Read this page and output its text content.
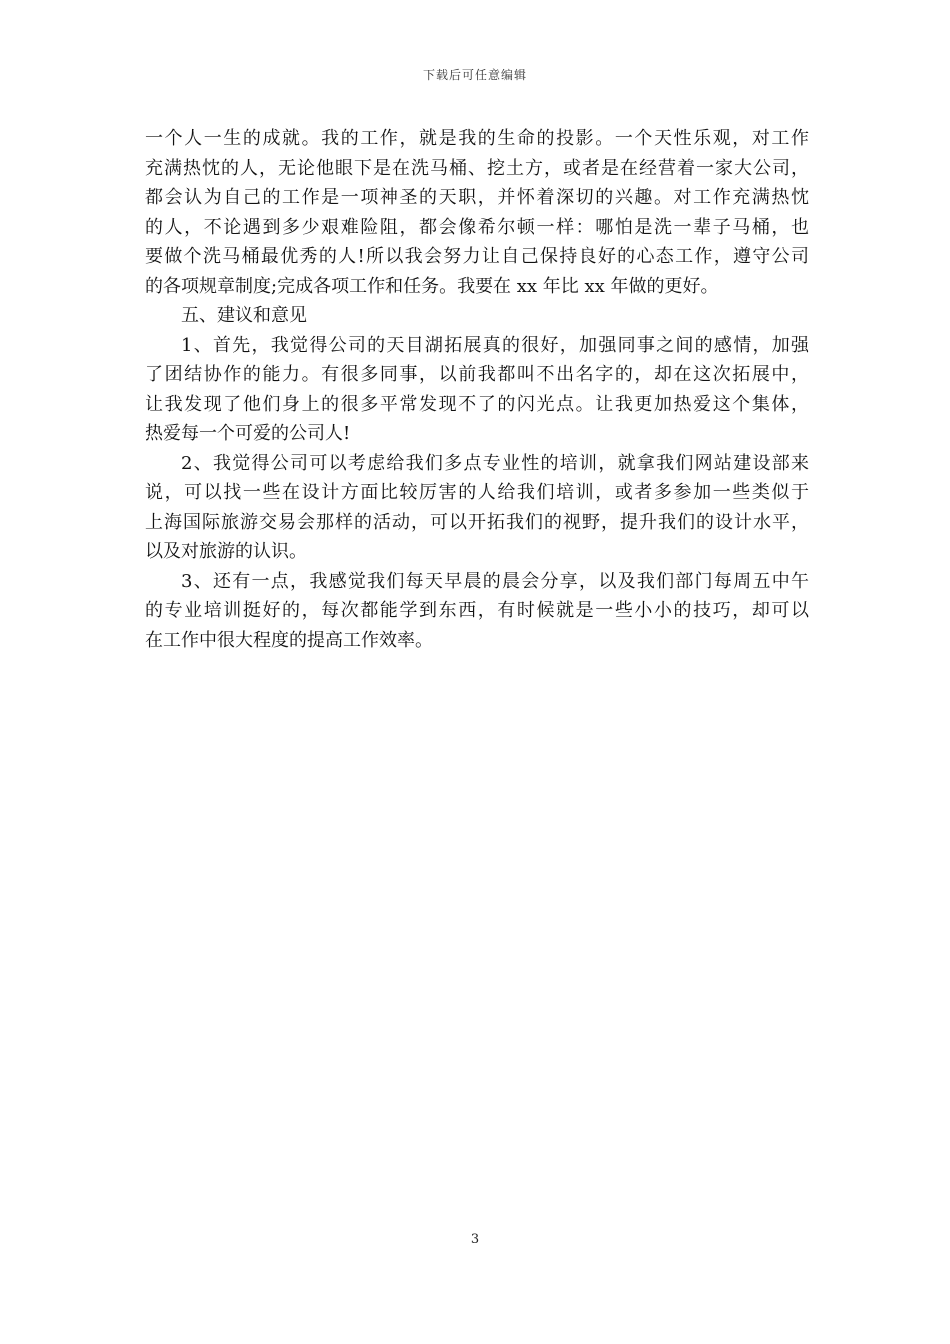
下载后可任意编辑
一个人一生的成就。我的工作，就是我的生命的投影。一个天性乐观，对工作
充满热忱的人，无论他眼下是在洗马桶、挖土方，或者是在经营着一家大公司，
都会认为自己的工作是一项神圣的天职，并怀着深切的兴趣。对工作充满热忱
的人，不论遇到多少艰难险阻，都会像希尔顿一样：哪怕是洗一辈子马桶，也
要做个洗马桶最优秀的人!所以我会努力让自己保持良好的心态工作，遵守公司
的各项规章制度;完成各项工作和任务。我要在 xx 年比 xx 年做的更好。
五、建议和意见
1、首先，我觉得公司的天目湖拓展真的很好，加强同事之间的感情，加强
了团结协作的能力。有很多同事，以前我都叫不出名字的，却在这次拓展中，
让我发现了他们身上的很多平常发现不了的闪光点。让我更加热爱这个集体，
热爱每一个可爱的公司人!
2、我觉得公司可以考虑给我们多点专业性的培训，就拿我们网站建设部来
说，可以找一些在设计方面比较厉害的人给我们培训，或者多参加一些类似于
上海国际旅游交易会那样的活动，可以开拓我们的视野，提升我们的设计水平，
以及对旅游的认识。
3、还有一点，我感觉我们每天早晨的晨会分享，以及我们部门每周五中午
的专业培训挺好的，每次都能学到东西，有时候就是一些小小的技巧，却可以
在工作中很大程度的提高工作效率。
3
